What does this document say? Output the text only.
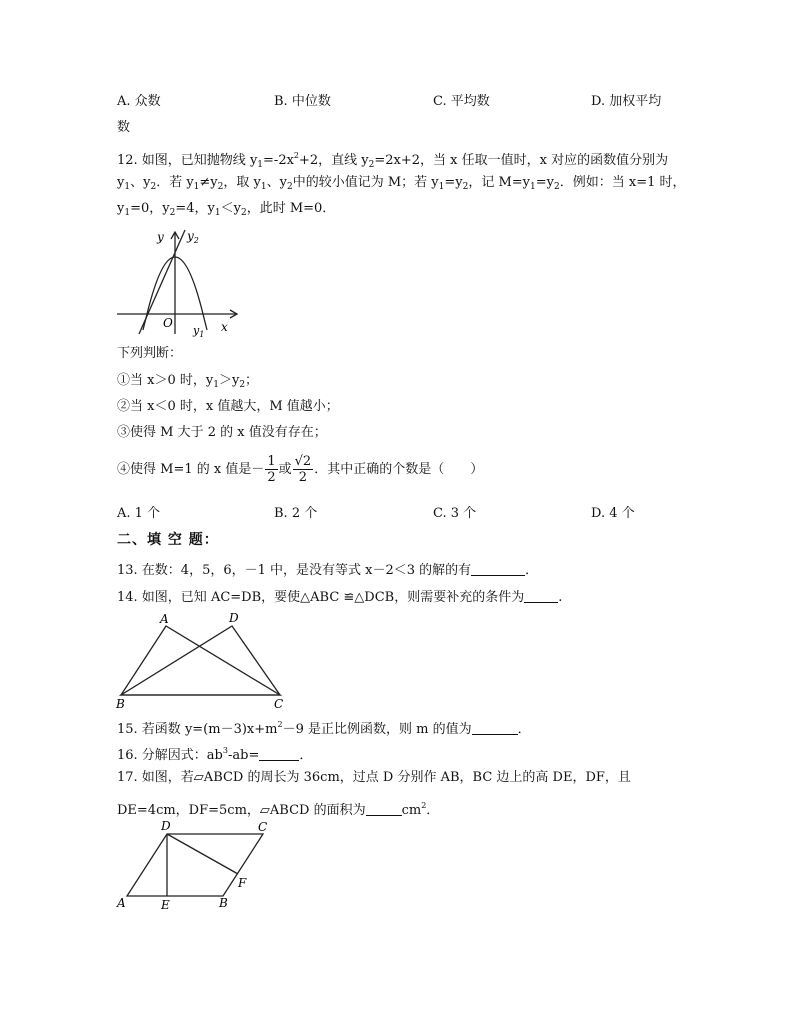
A. 众数	B. 中位数	C. 平均数	D. 加权平均
数
12. 如图，已知抛物线 $y_1=-2x^2+2$，直线 $y_2=2x+2$，当 x 任取一值时，x 对应的函数值分别为
$y_1$、$y_2$．若 $y_1\ne y_2$，取 $y_1$、$y_2$中的较小值记为 M；若 $y_1=y_2$，记 $M=y_1=y_2$．例如：当 x=1 时，
$y_1=0$，$y_2=4$，$y_1<y_2$，此时 M=0．
y $y_2$
O
$y_1$
x
下列判断：
①当 x＞0 时，$y_1>y_2$；
②当 x＜0 时，x 值越大，M 值越小；
③使得 M 大于 2 的 x 值没有存在；
④使得 M=1 的 x 值是－ $\frac{1}{2}$ 或 $\frac{√2}{2}$ ．其中正确的个数是（　　）
A. 1 个	B. 2 个	C. 3 个	D. 4 个
二、填 空 题：
13. 在数：4，5，6，－1 中，是没有等式 x－2＜3 的解的有	．
14. 如图，已知 AC=DB，要使△ABC ≌△DCB，则需要补充的条件为	.
A	D
B	C
15. 若函数 $y=(m-3)x+m^2-9$ 是正比例函数，则 m 的值为	．
16. 分解因式：$ab^3-ab=$	．
17. 如图，若▱ABCD 的周长为 36cm，过点 D 分别作 AB，BC 边上的高 DE，DF，且
DE=4cm，DF=5cm，▱ABCD 的面积为	$cm^2$．
D	C
F
A	E	B
